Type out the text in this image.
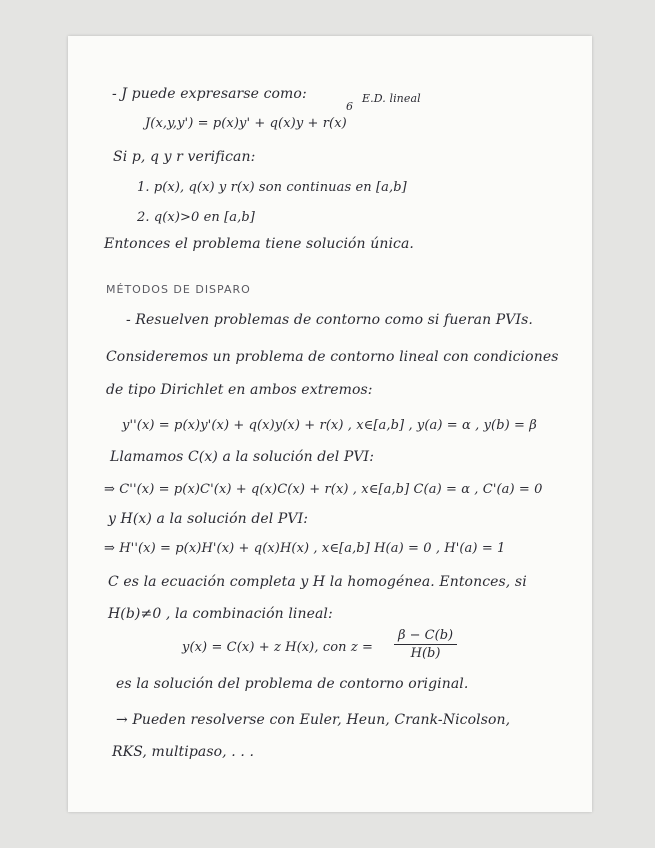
- J puede expresarse como:
6
E.D. lineal
J(x,y,y') = p(x)y' + q(x)y + r(x)
Si p, q y r verifican:
1. p(x), q(x) y r(x) son continuas en [a,b]
2. q(x)>0 en [a,b]
Entonces el problema tiene solución única.
MÉTODOS DE DISPARO
- Resuelven problemas de contorno como si fueran PVIs.
Consideremos un problema de contorno lineal con condiciones
de tipo Dirichlet en ambos extremos:
y''(x) = p(x)y'(x) + q(x)y(x) + r(x) , x∈[a,b] , y(a) = α , y(b) = β
Llamamos C(x) a la solución del PVI:
⇒ C''(x) = p(x)C'(x) + q(x)C(x) + r(x) , x∈[a,b] C(a) = α , C'(a) = 0
y H(x) a la solución del PVI:
⇒ H''(x) = p(x)H'(x) + q(x)H(x) , x∈[a,b] H(a) = 0 , H'(a) = 1
C es la ecuación completa y H la homogénea. Entonces, si
H(b)≠0 , la combinación lineal:
y(x) = C(x) + z H(x), con z =
β − C(b)
H(b)
es la solución del problema de contorno original.
→ Pueden resolverse con Euler, Heun, Crank-Nicolson,
RKS, multipaso, . . .
